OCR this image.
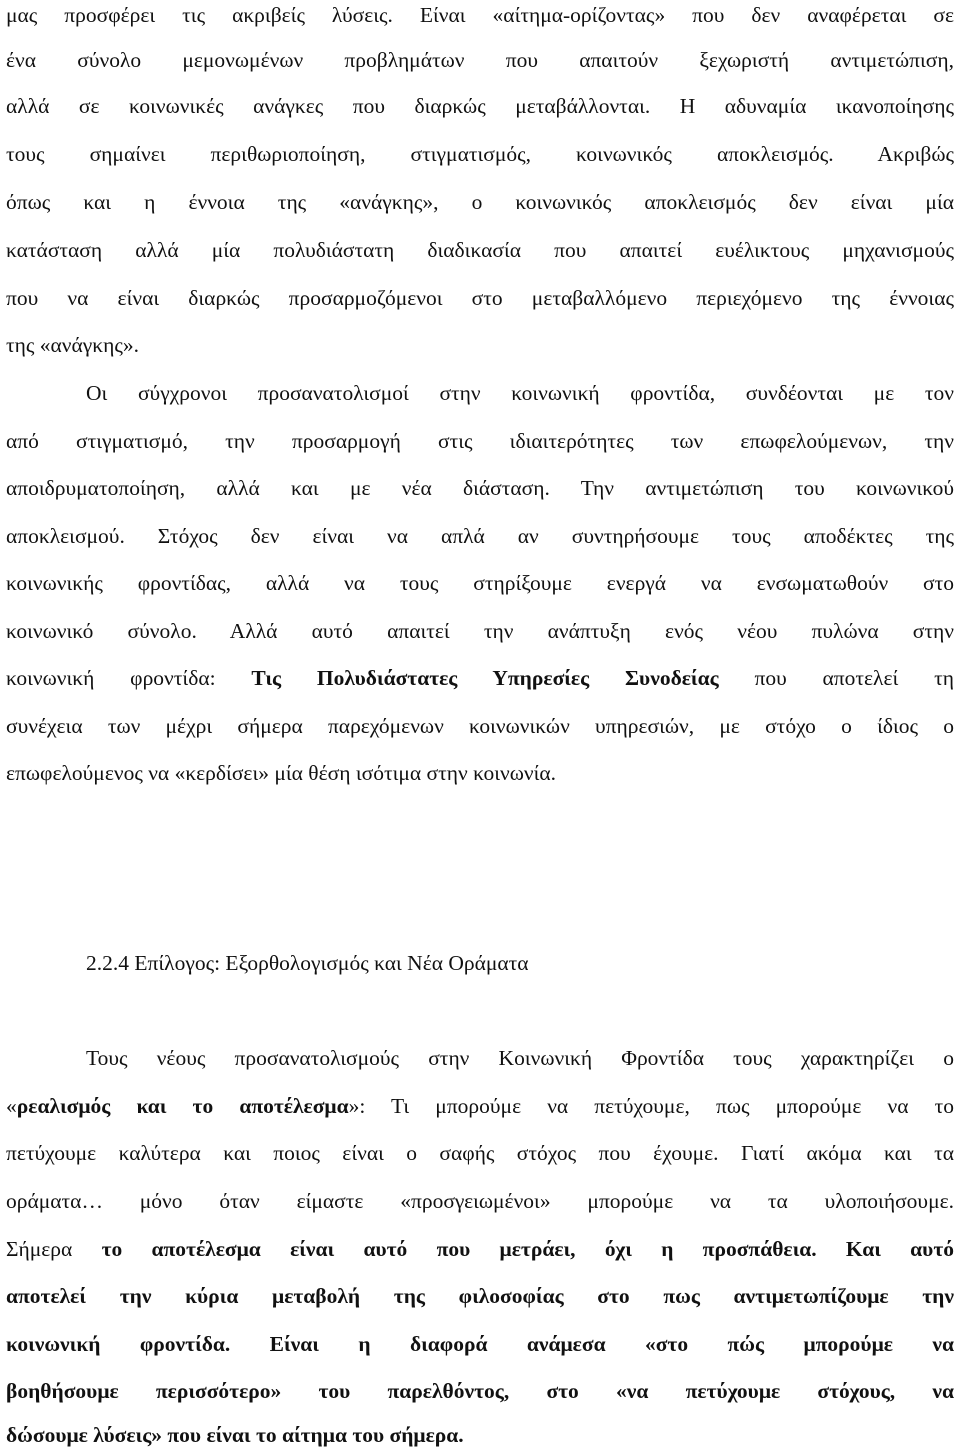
μας προσφέρει τις ακριβείς λύσεις. Είναι «αίτημα-ορίζοντας» που δεν αναφέρεται σε
ένα σύνολο μεμονωμένων προβλημάτων που απαιτούν ξεχωριστή αντιμετώπιση,
αλλά σε κοινωνικές ανάγκες που διαρκώς μεταβάλλονται. Η αδυναμία ικανοποίησης
τους σημαίνει περιθωριοποίηση, στιγματισμός, κοινωνικός αποκλεισμός. Ακριβώς
όπως και η έννοια της «ανάγκης», ο κοινωνικός αποκλεισμός δεν είναι μία
κατάσταση αλλά μία πολυδιάστατη διαδικασία που απαιτεί ευέλικτους μηχανισμούς
που να είναι διαρκώς προσαρμοζόμενοι στο μεταβαλλόμενο περιεχόμενο της έννοιας
της «ανάγκης».
Οι σύγχρονοι προσανατολισμοί στην κοινωνική φροντίδα, συνδέονται με τον
από στιγματισμό, την προσαρμογή στις ιδιαιτερότητες των επωφελούμενων, την
αποιδρυματοποίηση, αλλά και με νέα διάσταση. Την αντιμετώπιση του κοινωνικού
αποκλεισμού. Στόχος δεν είναι να απλά αν συντηρήσουμε τους αποδέκτες της
κοινωνικής φροντίδας, αλλά να τους στηρίξουμε ενεργά να ενσωματωθούν στο
κοινωνικό σύνολο. Αλλά αυτό απαιτεί την ανάπτυξη ενός νέου πυλώνα στην
κοινωνική φροντίδα: Τις Πολυδιάστατες Υπηρεσίες Συνοδείας που αποτελεί τη
συνέχεια των μέχρι σήμερα παρεχόμενων κοινωνικών υπηρεσιών, με στόχο ο ίδιος ο
επωφελούμενος να «κερδίσει» μία θέση ισότιμα στην κοινωνία.
2.2.4 Επίλογος: Εξορθολογισμός και Νέα Οράματα
Τους νέους προσανατολισμούς στην Κοινωνική Φροντίδα τους χαρακτηρίζει ο
«ρεαλισμός και το αποτέλεσμα»: Τι μπορούμε να πετύχουμε, πως μπορούμε να το
πετύχουμε καλύτερα και ποιος είναι ο σαφής στόχος που έχουμε. Γιατί ακόμα και τα
οράματα… μόνο όταν είμαστε «προσγειωμένοι» μπορούμε να τα υλοποιήσουμε.
Σήμερα το αποτέλεσμα είναι αυτό που μετράει, όχι η προσπάθεια. Και αυτό
αποτελεί την κύρια μεταβολή της φιλοσοφίας στο πως αντιμετωπίζουμε την
κοινωνική φροντίδα. Είναι η διαφορά ανάμεσα «στο πώς μπορούμε να
βοηθήσουμε περισσότερο» του παρελθόντος, στο «να πετύχουμε στόχους, να
δώσουμε λύσεις» που είναι το αίτημα του σήμερα.
